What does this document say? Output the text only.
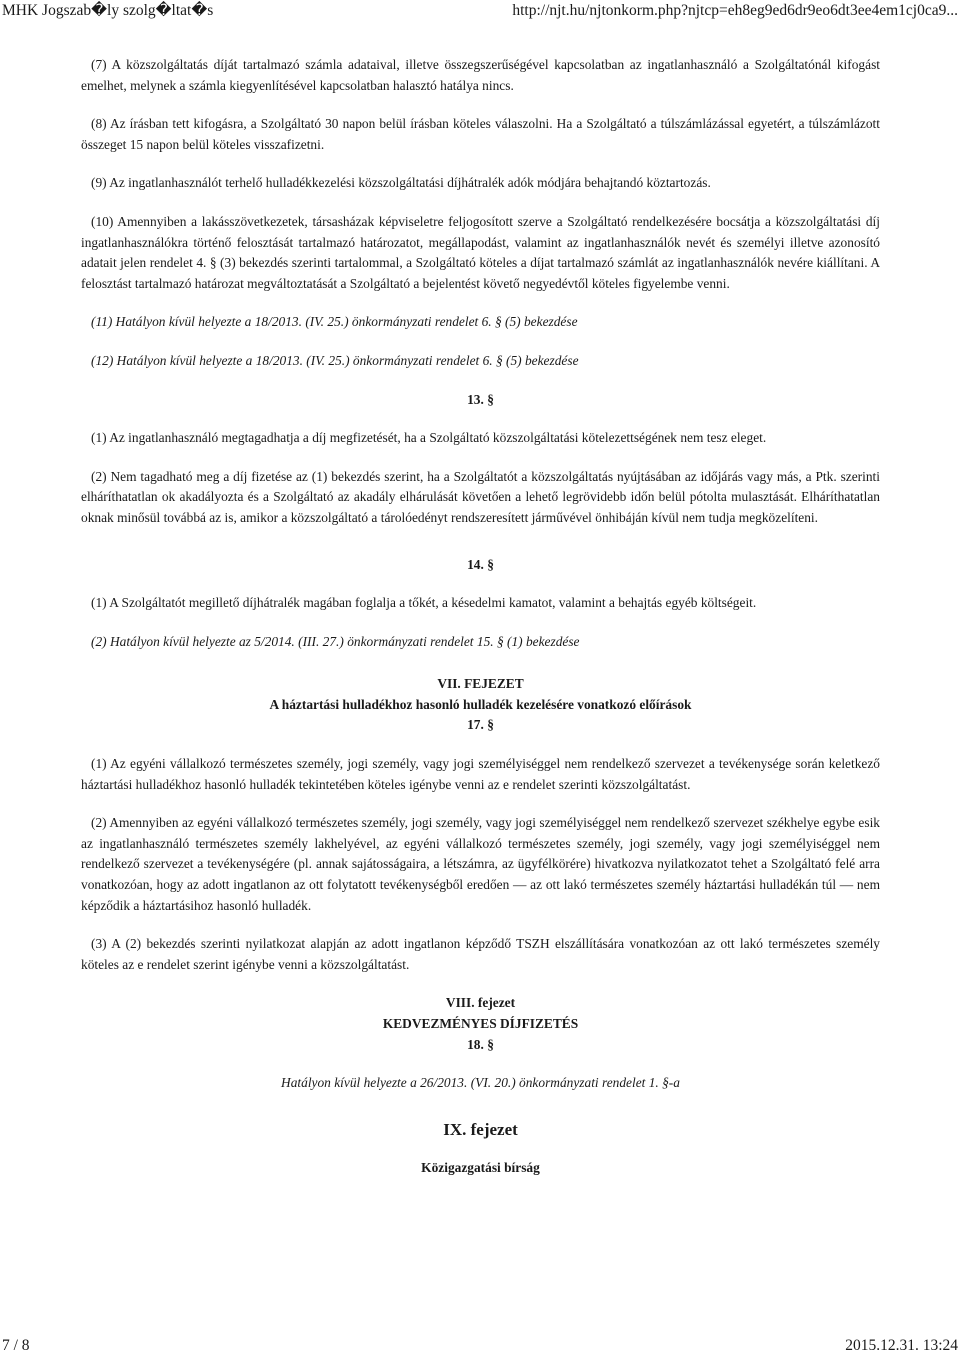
MHK Jogszab�ly szolg�ltat�s	http://njt.hu/njtonkorm.php?njtcp=eh8eg9ed6dr9eo6dt3ee4em1cj0ca9...

(7) A közszolgáltatás díját tartalmazó számla adataival, illetve összegszerűségével kapcsolatban az ingatlanhasználó a Szolgáltatónál kifogást emelhet, melynek a számla kiegyenlítésével kapcsolatban halasztó hatálya nincs.

(8) Az írásban tett kifogásra, a Szolgáltató 30 napon belül írásban köteles válaszolni. Ha a Szolgáltató a túlszámlázással egyetért, a túlszámlázott összeget 15 napon belül köteles visszafizetni.

(9) Az ingatlanhasználót terhelő hulladékkezelési közszolgáltatási díjhátralék adók módjára behajtandó köztartozás.

(10) Amennyiben a lakásszövetkezetek, társasházak képviseletre feljogosított szerve a Szolgáltató rendelkezésére bocsátja a közszolgáltatási díj ingatlanhasználókra történő felosztását tartalmazó határozatot, megállapodást, valamint az ingatlanhasználók nevét és személyi illetve azonosító adatait jelen rendelet 4. § (3) bekezdés szerinti tartalommal, a Szolgáltató köteles a díjat tartalmazó számlát az ingatlanhasználók nevére kiállítani. A felosztást tartalmazó határozat megváltoztatását a Szolgáltató a bejelentést követő negyedévtől köteles figyelembe venni.

(11) Hatályon kívül helyezte a 18/2013. (IV. 25.) önkormányzati rendelet 6. § (5) bekezdése

(12) Hatályon kívül helyezte a 18/2013. (IV. 25.) önkormányzati rendelet 6. § (5) bekezdése

13. §

(1) Az ingatlanhasználó megtagadhatja a díj megfizetését, ha a Szolgáltató közszolgáltatási kötelezettségének nem tesz eleget.

(2) Nem tagadható meg a díj fizetése az (1) bekezdés szerint, ha a Szolgáltatót a közszolgáltatás nyújtásában az időjárás vagy más, a Ptk. szerinti elháríthatatlan ok akadályozta és a Szolgáltató az akadály elhárulását követően a lehető legrövidebb időn belül pótolta mulasztását. Elháríthatatlan oknak minősül továbbá az is, amikor a közszolgáltató a tárolóedényt rendszeresített járművével önhibáján kívül nem tudja megközelíteni.

14. §

(1) A Szolgáltatót megillető díjhátralék magában foglalja a tőkét, a késedelmi kamatot, valamint a behajtás egyéb költségeit.

(2) Hatályon kívül helyezte az 5/2014. (III. 27.) önkormányzati rendelet 15. § (1) bekezdése

VII. FEJEZET
A háztartási hulladékhoz hasonló hulladék kezelésére vonatkozó előírások
17. §

(1) Az egyéni vállalkozó természetes személy, jogi személy, vagy jogi személyiséggel nem rendelkező szervezet a tevékenysége során keletkező háztartási hulladékhoz hasonló hulladék tekintetében köteles igénybe venni az e rendelet szerinti közszolgáltatást.

(2) Amennyiben az egyéni vállalkozó természetes személy, jogi személy, vagy jogi személyiséggel nem rendelkező szervezet székhelye egybe esik az ingatlanhasználó természetes személy lakhelyével, az egyéni vállalkozó természetes személy, jogi személy, vagy jogi személyiséggel nem rendelkező szervezet a tevékenységére (pl. annak sajátosságaira, a létszámra, az ügyfélkörére) hivatkozva nyilatkozatot tehet a Szolgáltató felé arra vonatkozóan, hogy az adott ingatlanon az ott folytatott tevékenységből eredően — az ott lakó természetes személy háztartási hulladékán túl — nem képződik a háztartásihoz hasonló hulladék.

(3) A (2) bekezdés szerinti nyilatkozat alapján az adott ingatlanon képződő TSZH elszállítására vonatkozóan az ott lakó természetes személy köteles az e rendelet szerint igénybe venni a közszolgáltatást.

VIII. fejezet
KEDVEZMÉNYES DÍJFIZETÉS
18. §

Hatályon kívül helyezte a 26/2013. (VI. 20.) önkormányzati rendelet 1. §-a

IX. fejezet
Közigazgatási bírság
7 / 8	2015.12.31. 13:24
